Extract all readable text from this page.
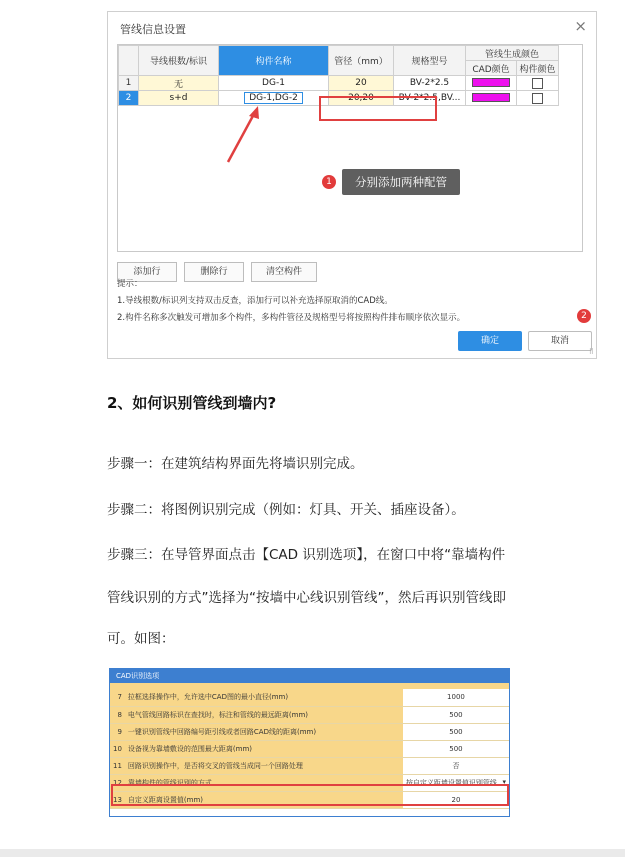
管线信息设置	×
	导线根数/标识	构件名称	管径（mm）	规格型号	管线生成颜色	
					CAD颜色	构件颜色
1	无	DG-1	20	BV-2*2.5		
2	s+d	DG-1,DG-2	20,20	BV-2*2.5,BV...		
1	分别添加两种配管
添加行	删除行	清空构件
提示：
1.导线根数/标识列支持双击反查，添加行可以补充选择原取消的CAD线。
2.构件名称多次触发可增加多个构件，多构件管径及规格型号将按照构件排布顺序依次显示。	2
确定	取消
⠿
2、如何识别管线到墙内?
步骤一：在建筑结构界面先将墙识别完成。
步骤二：将图例识别完成（例如：灯具、开关、插座设备）。
步骤三：在导管界面点击【CAD 识别选项】，在窗口中将“靠墙构件
管线识别的方式”选择为“按墙中心线识别管线”，然后再识别管线即
可。如图：
CAD识别选项
7	拉框选择操作中，允许选中CAD图的最小直径(mm)	1000
8	电气管线回路标识在查找时，标注和管线的最远距离(mm)	500
9	一键识别管线中回路编号距引线或者回路CAD线的距离(mm)	500
10	设备视为靠墙敷设的范围最大距离(mm)	500
11	回路识别操作中，是否将交叉的管线当成同一个回路处理	否
12	靠墙构件的管线识别的方式	按自定义距墙设置值识别管线 ▾

13	自定义距离设置值(mm)	20
